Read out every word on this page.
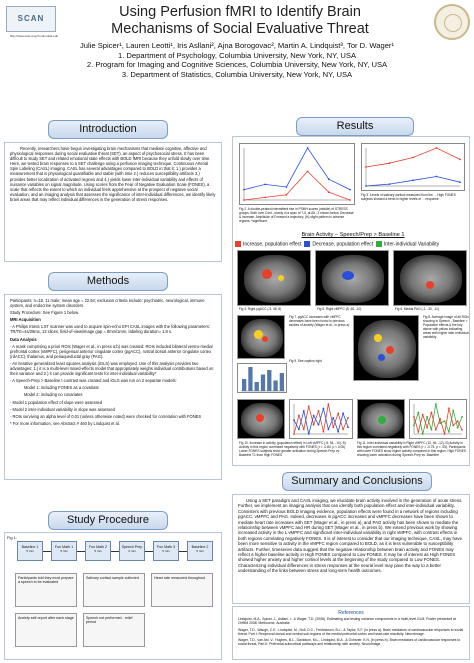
SCAN
http://www.scan.psych.columbia.edu
Using Perfusion fMRI to Identify Brain
Mechanisms of Social Evaluative Threat
Julie Spicer¹, Lauren Leotti¹, Iris Asllani², Ajna Borogovac², Martin A. Lindquist³, Tor D. Wager¹
1. Department of Psychology, Columbia University, New York, NY, USA
2. Program for Imaging and Cognitive Sciences, Columbia University, New York, NY, USA
3. Department of Statistics, Columbia University, New York, NY, USA
Introduction

Recently, researchers have begun investigating brain mechanisms that mediate cognitive, affective and physiological responses during social evaluative threat (SET), an aspect of psychosocial stress. It has been difficult to study SET and related emotional state effects with BOLD fMRI because they unfold slowly over time. Here, we tested brain responses to a SET challenge using a perfusion imaging technique, Continuous Arterial Spin Labeling (CASL) imaging. CASL has several advantages compared to BOLD in that it: 1.) provides a measurement that is physiological quantifiable and stable (with time 2.) reduces susceptibility artifacts 3.) provides better localization of activated regions and 4.) yields lower inter-individual variability and effects of nuisance variables on signal magnitude. Using scores from the Fear of Negative Evaluation Scale (FONES), a scale that reflects the extent to which an individual feels apprehensive at the prospect of negative social evaluation, and an imaging analysis that assesses the significance of inter-individual differences, we identify likely brain areas that may reflect individual differences in the generation of stress responses.

Methods

Participants: n=18, 11 male; mean age = 22.94; exclusion criteria include: psychiatric, neurological, immune system, and endocrine system disorders

Study Procedure: See Figure 1 below.

MRI Acquisition

- A Philips Intera 1.5T scanner was used to acquire spin-echo EPI CASL images with the following parameters: TR/TE=4s/36ms, 13 slices, field-of-view/image gap = 8mm/1mm, labeling duration= 1.8 s.

Data Analysis

- A mask comprising a priori ROIs (Wager et al., in press a;b) was created: ROIs included bilateral ventro-medial prefrontal cortex (vMPFC), perigenual anterior cingulate cortex (pgACC), rostral dorsal anterior cingulate cortex (rdACC), thalamus, and periaqueductal gray (PAG).

- An iterative generalized least squares analysis (iGLS) was employed. Use of this analysis provides two advantages: 1.) it is a multi-level mixed-effects model that appropriately weighs individual contributions based on their variance and 2.) it can provide significant tests for inter-individual variability*

- A Speech-Prep > Baseline t contrast was created and iGLS was run on 2 separate models:

Model 1: including FONES as a covariate

Model 2: including no covariates

- Model 1 population effect of slope were assessed

- Model 2 inter-individual variability in slope was assessed

- ROIs surviving an alpha level of 0.01 (unless otherwise noted) were checked for correlation with FONES

* For more information, see Abstract # 460 by Lindquist et al.

Study Procedure
Fig 1.
Baseline 1
5 min
Fun Math 1
5 min
Fun Math 2
5 min
Speech Prep
2 min
Fun Math 3
5 min
Baseline 2
5 min
Participants told they must prepare a speech to be evaluated
Salivary cortisol sample collected	Heart rate measured throughout
Anxiety self-report after each stage	Speech not performed - relief period
Results
Fig 2. A double-peaked intermittent rise in PSMH scores (middle) of STRESS groups. Both over Cont., slowly in a span of 7-5, at Alt.; 3 shown below, Decrease & increase. Amplitude of Fonesed a trajectory, (H)-slight pattern in adverse regions. *significant.
Fig 3. Levels of salivary cortisol measured from the ... High FONES subjects showed a trend in higher levels of ... response.
Brain Activity – Speech/Prep > Baseline 1
Increase, population effect Decrease, population effect Inter-individual Variability
Fig 4. Right pgACC (-5, 48, 8)	Fig 5. Right vMPFC (8, 48, -10)	Fig 6. Medial PAG (-1, -30, -11)
Fig 7. pgACC increases with vMPFC decreases have been found in previous studies of anxiety (Wager et al., in press a)
Fig 8. Average image of all ROIs showing in Speech - Baseline > Population effects & the key above with yellow indicating areas with higher inter-individual variability
Fig 9. See caption right
Fig 10. Increase in activity (population effect) in Left vMPFC (-8, 54, -10). B) Activity in this region correlated negatively with FONES (r = -0.84, p < 0.05). Lower FONES subjects show greater activation during Speech-Prep vs. Baseline T1 than High FONES
Fig 11. Inter-individual variability in Right vMPFC (10, 46, -12). B) Activity in this region correlated negatively with FONES (r = -0.75, p < .05). Participants with lower FONES show higher activity compared in this region, High FONES showing lower activation during Speech-Prep vs. Baseline
Summary and Conclusions

Using a SET paradigm and CASL imaging, we elucidate brain activity involved in the generation of acute stress. Further, we implement an imaging analysis that can identify both population effect and inter-individual variability. Consistent with previous BOLD imaging evidence, population effects were found in a network of regions including pgACC, vMPFC and PAG. Indeed, decreases in pgACC increases and vMPFC decreases have been shown to mediate heart rate increases with SET (Wager et al., in press a), and PAG activity has been shown to mediate the relationship between vMPFC and HR during SET (Wager et al., in press b). We extend previous work by showing increased activity in the L vMPFC and significant inter-individual variability in right vMPFC, with contrast effects in both regions correlating negatively FONES. It is of interest to consider that our imaging technique, CASL, may have been more sensitive to activity in the vMPFC region compared to BOLD, as it is less vulnerable to susceptibility artifacts. Further, timeseries data suggest that the negative relationship between brain activity and FONES may reflect a higher baseline activity in High FONES compared to Low FONES. It may be of interest as High FONES showed higher anxiety and higher cortisol levels at the beginning of the study compared to Low FONES. Characterizing individual differences in stress responses at the neural level may pave the way to a better understanding of the links between stress and long-term health outcomes.

References

Lindquist, M.A., Spicer, J., Asllani, I., & Wager, T.D. (2008). Estimating and testing variance components in a multi-level GLM. Poster presented at OHBM 2008, Melbourne, Australia

Wager, T.D., Waugh, C.E., Lindquist, M., Noll, D.C., Fredrickson, B.L., & Taylor, S.F. (in press a). Brain mediators of cardiovascular responses to social threat, Part I: Reciprocal dorsal and ventral sub-regions of the medial prefrontal cortex and heart-rate reactivity. NeuroImage.

Wager, T.D., van Ast, V., Hughes, B.L., Davidson, M.L., Lindquist, M.A., & Ochsner, K.N. (in press b). Brain mediators of cardiovascular responses to social threat, Part II: Prefrontal-subcortical pathways and relationship with anxiety. NeuroImage.
